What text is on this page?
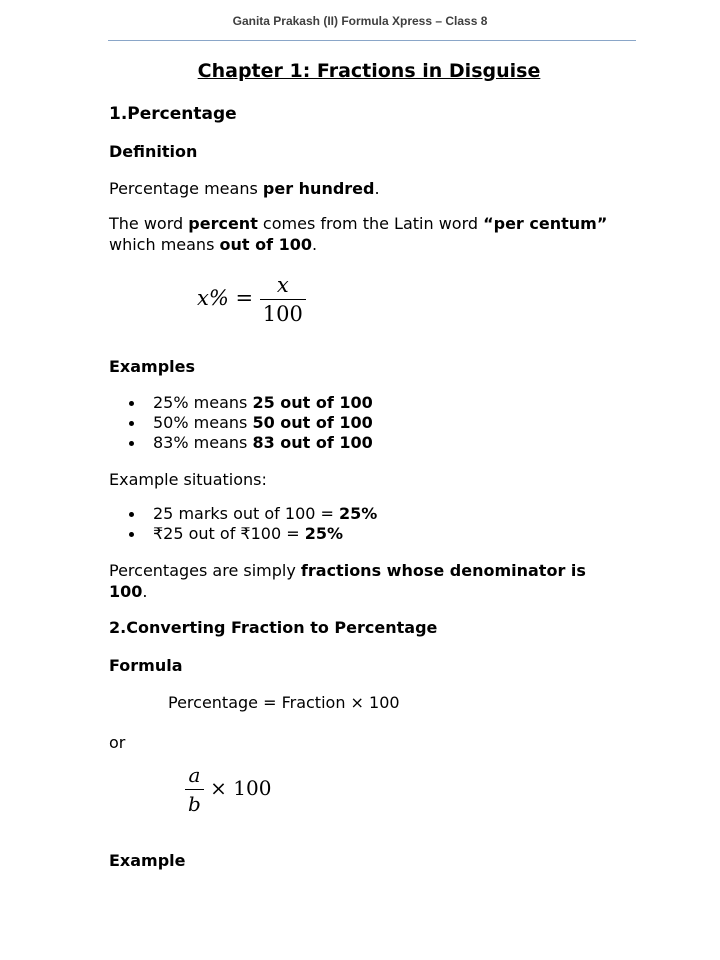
Ganita Prakash (II) Formula Xpress – Class 8
Chapter 1: Fractions in Disguise
1.Percentage
Definition

Percentage means per hundred.

The word percent comes from the Latin word “per centum” which means out of 100.

$x\% = \frac{x}{100}$
Examples
25% means 25 out of 100
50% means 50 out of 100
83% means 83 out of 100

Example situations:

25 marks out of 100 = 25%
₹25 out of ₹100 = 25%

Percentages are simply fractions whose denominator is 100.

2.Converting Fraction to Percentage
Formula
Percentage = Fraction × 100

or

$\frac{a}{b} \times 100$
Example
